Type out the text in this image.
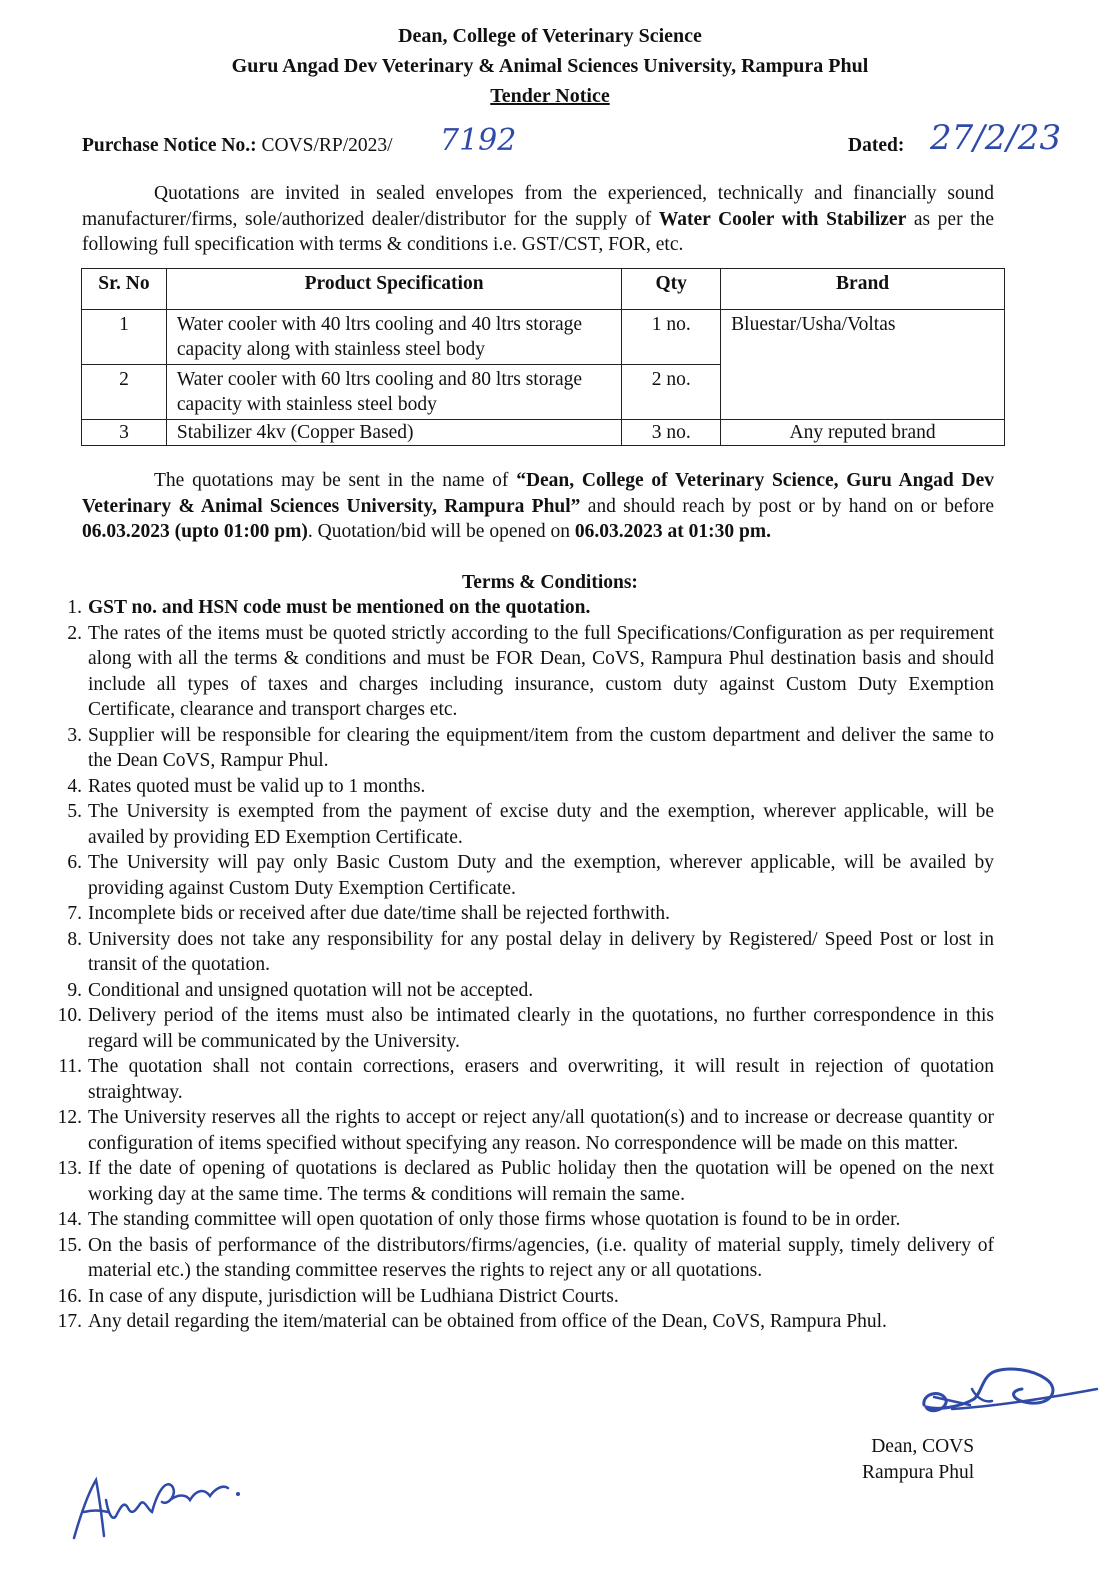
Dean, College of Veterinary Science
Guru Angad Dev Veterinary & Animal Sciences University, Rampura Phul
Tender Notice
Purchase Notice No.: COVS/RP/2023/ 7192	Dated: 27/2/23
Quotations are invited in sealed envelopes from the experienced, technically and financially sound manufacturer/firms, sole/authorized dealer/distributor for the supply of Water Cooler with Stabilizer as per the following full specification with terms & conditions i.e. GST/CST, FOR, etc.
Sr. No	Product Specification	Qty	Brand
1	Water cooler with 40 ltrs cooling and 40 ltrs storage capacity along with stainless steel body	1 no.	Bluestar/Usha/Voltas
2	Water cooler with 60 ltrs cooling and 80 ltrs storage capacity with stainless steel body	2 no.	
3	Stabilizer 4kv (Copper Based)	3 no.	Any reputed brand
The quotations may be sent in the name of “Dean, College of Veterinary Science, Guru Angad Dev Veterinary & Animal Sciences University, Rampura Phul” and should reach by post or by hand on or before 06.03.2023 (upto 01:00 pm). Quotation/bid will be opened on 06.03.2023 at 01:30 pm.
Terms & Conditions:
1. GST no. and HSN code must be mentioned on the quotation.
2. The rates of the items must be quoted strictly according to the full Specifications/Configuration as per requirement along with all the terms & conditions and must be FOR Dean, CoVS, Rampura Phul destination basis and should include all types of taxes and charges including insurance, custom duty against Custom Duty Exemption Certificate, clearance and transport charges etc.
3. Supplier will be responsible for clearing the equipment/item from the custom department and deliver the same to the Dean CoVS, Rampur Phul.
4. Rates quoted must be valid up to 1 months.
5. The University is exempted from the payment of excise duty and the exemption, wherever applicable, will be availed by providing ED Exemption Certificate.
6. The University will pay only Basic Custom Duty and the exemption, wherever applicable, will be availed by providing against Custom Duty Exemption Certificate.
7. Incomplete bids or received after due date/time shall be rejected forthwith.
8. University does not take any responsibility for any postal delay in delivery by Registered/ Speed Post or lost in transit of the quotation.
9. Conditional and unsigned quotation will not be accepted.
10. Delivery period of the items must also be intimated clearly in the quotations, no further correspondence in this regard will be communicated by the University.
11. The quotation shall not contain corrections, erasers and overwriting, it will result in rejection of quotation straightway.
12. The University reserves all the rights to accept or reject any/all quotation(s) and to increase or decrease quantity or configuration of items specified without specifying any reason. No correspondence will be made on this matter.
13. If the date of opening of quotations is declared as Public holiday then the quotation will be opened on the next working day at the same time. The terms & conditions will remain the same.
14. The standing committee will open quotation of only those firms whose quotation is found to be in order.
15. On the basis of performance of the distributors/firms/agencies, (i.e. quality of material supply, timely delivery of material etc.) the standing committee reserves the rights to reject any or all quotations.
16. In case of any dispute, jurisdiction will be Ludhiana District Courts.
17. Any detail regarding the item/material can be obtained from office of the Dean, CoVS, Rampura Phul.
Dean, COVS
Rampura Phul
